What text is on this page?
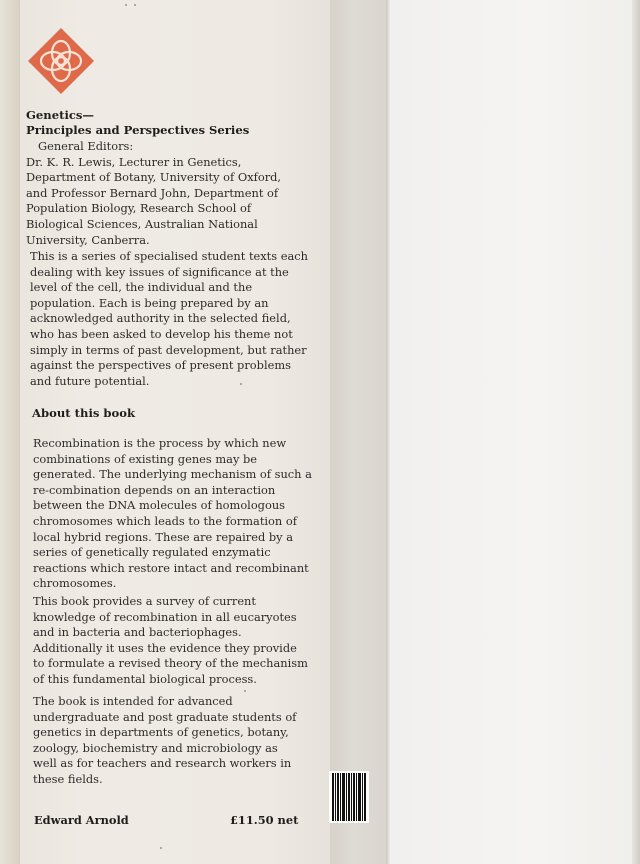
Genetics—
Principles and Perspectives Series
General Editors:
Dr. K. R. Lewis, Lecturer in Genetics,
Department of Botany, University of Oxford,
and Professor Bernard John, Department of
Population Biology, Research School of
Biological Sciences, Australian National
University, Canberra.
This is a series of specialised student texts each
dealing with key issues of significance at the
level of the cell, the individual and the
population. Each is being prepared by an
acknowledged authority in the selected field,
who has been asked to develop his theme not
simply in terms of past development, but rather
against the perspectives of present problems
and future potential.
About this book
Recombination is the process by which new
combinations of existing genes may be
generated. The underlying mechanism of such a
re-combination depends on an interaction
between the DNA molecules of homologous
chromosomes which leads to the formation of
local hybrid regions. These are repaired by a
series of genetically regulated enzymatic
reactions which restore intact and recombinant
chromosomes.
This book provides a survey of current
knowledge of recombination in all eucaryotes
and in bacteria and bacteriophages.
Additionally it uses the evidence they provide
to formulate a revised theory of the mechanism
of this fundamental biological process.
The book is intended for advanced
undergraduate and post graduate students of
genetics in departments of genetics, botany,
zoology, biochemistry and microbiology as
well as for teachers and research workers in
these fields.
Edward Arnold	£11.50 net
